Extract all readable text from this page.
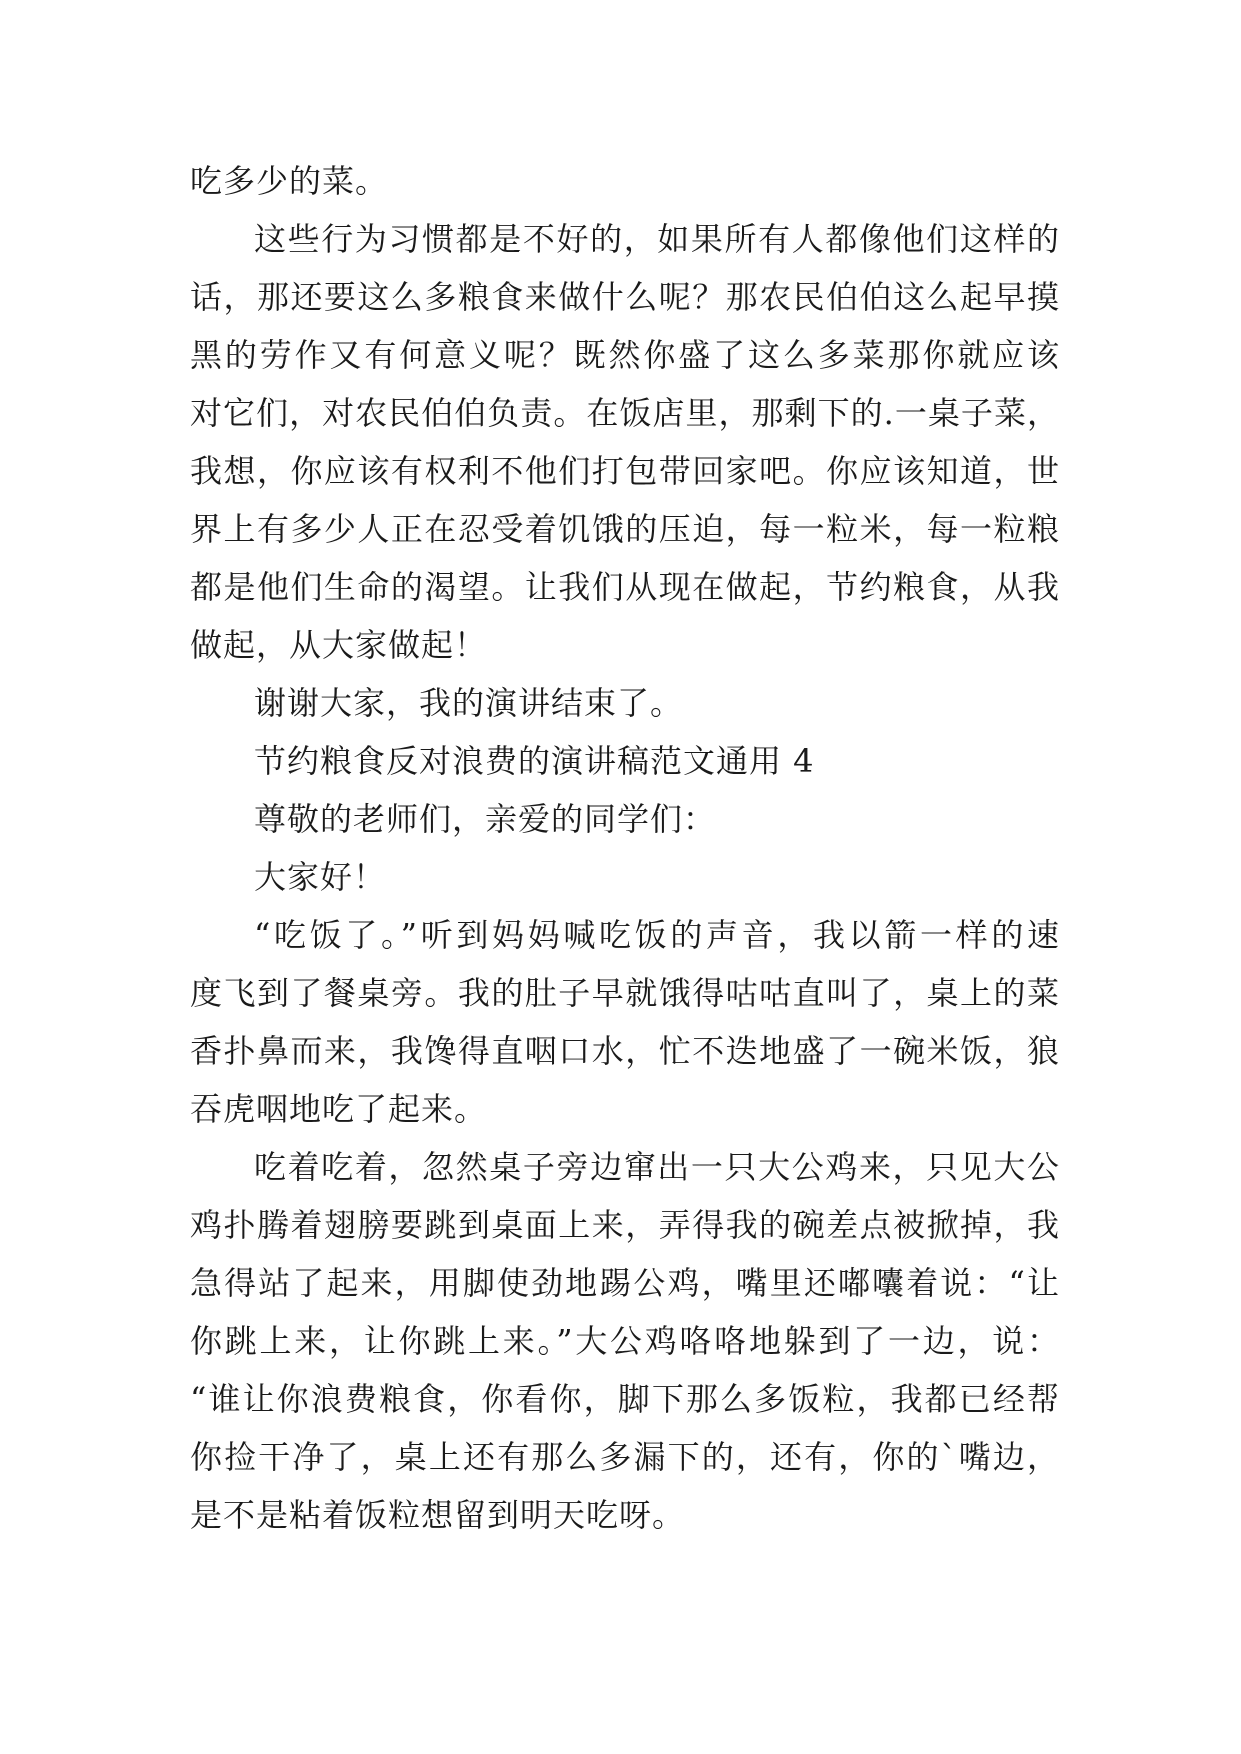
吃多少的菜。
这些行为习惯都是不好的，如果所有人都像他们这样的
话，那还要这么多粮食来做什么呢？那农民伯伯这么起早摸
黑的劳作又有何意义呢？既然你盛了这么多菜那你就应该
对它们，对农民伯伯负责。在饭店里，那剩下的.一桌子菜，
我想，你应该有权利不他们打包带回家吧。你应该知道，世
界上有多少人正在忍受着饥饿的压迫，每一粒米，每一粒粮
都是他们生命的渴望。让我们从现在做起，节约粮食，从我
做起，从大家做起！
谢谢大家，我的演讲结束了。
节约粮食反对浪费的演讲稿范文通用 4
尊敬的老师们，亲爱的同学们：
大家好！
“吃饭了。”听到妈妈喊吃饭的声音，我以箭一样的速
度飞到了餐桌旁。我的肚子早就饿得咕咕直叫了，桌上的菜
香扑鼻而来，我馋得直咽口水，忙不迭地盛了一碗米饭，狼
吞虎咽地吃了起来。
吃着吃着，忽然桌子旁边窜出一只大公鸡来，只见大公
鸡扑腾着翅膀要跳到桌面上来，弄得我的碗差点被掀掉，我
急得站了起来，用脚使劲地踢公鸡，嘴里还嘟囔着说：“让
你跳上来，让你跳上来。”大公鸡咯咯地躲到了一边，说：
“谁让你浪费粮食，你看你，脚下那么多饭粒，我都已经帮
你捡干净了，桌上还有那么多漏下的，还有，你的`嘴边，
是不是粘着饭粒想留到明天吃呀。
